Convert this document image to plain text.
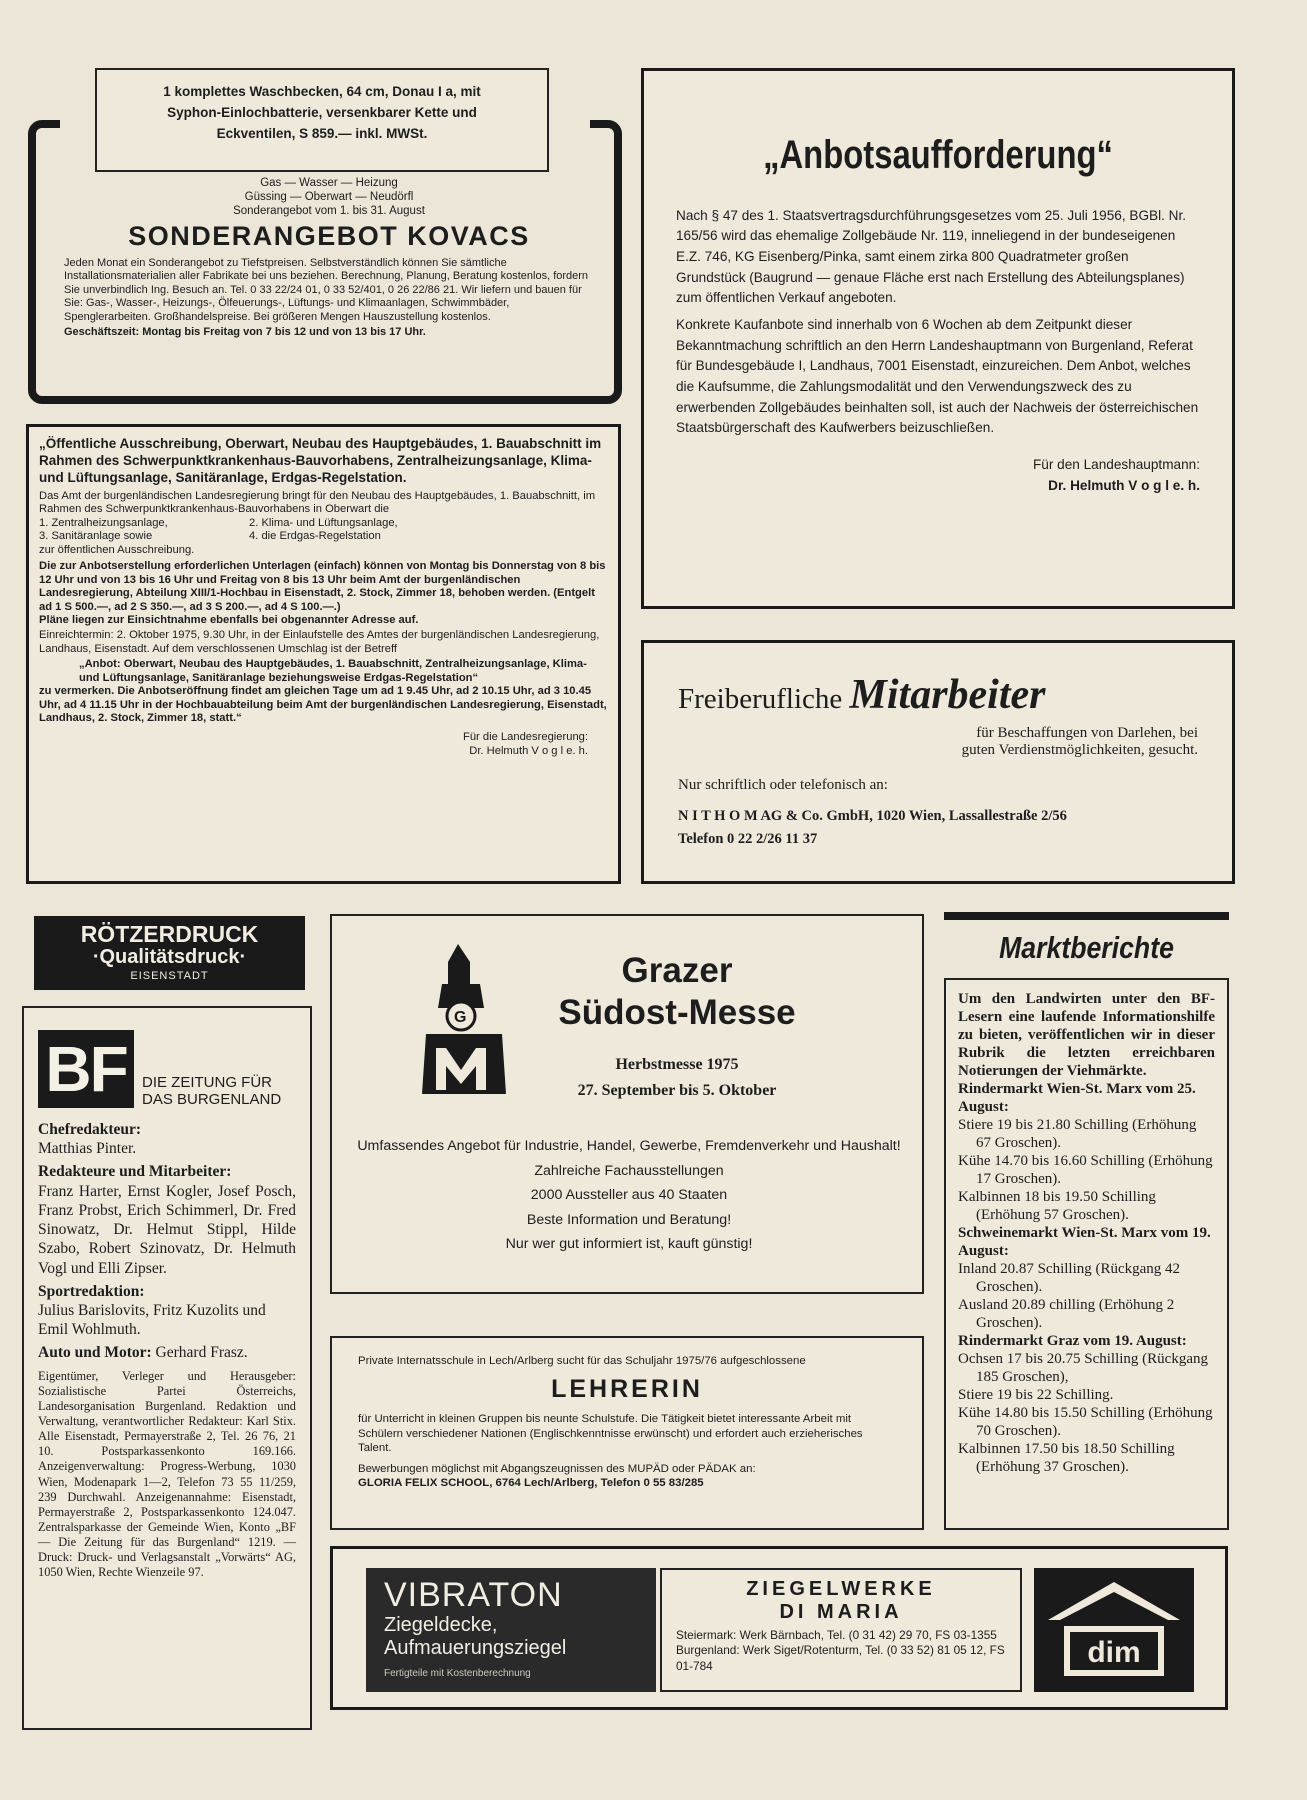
1 komplettes Waschbecken, 64 cm, Donau I a, mit

Syphon-Einlochbatterie, versenkbarer Kette und

Eckventilen, S 859.— inkl. MWSt.

Gas — Wasser — Heizung

Güssing — Oberwart — Neudörfl

Sonderangebot vom 1. bis 31. August

SONDERANGEBOT KOVACS

Jeden Monat ein Sonderangebot zu Tiefstpreisen. Selbstverständlich können Sie sämtliche Installationsmaterialien aller Fabrikate bei uns beziehen. Berechnung, Planung, Beratung kostenlos, fordern Sie unverbindlich Ing. Besuch an. Tel. 0 33 22/24 01, 0 33 52/401, 0 26 22/86 21. Wir liefern und bauen für Sie: Gas-, Wasser-, Heizungs-, Ölfeuerungs-, Lüftungs- und Klimaanlagen, Schwimmbäder, Spenglerarbeiten. Großhandelspreise. Bei größeren Mengen Hauszustellung kostenlos.

Geschäftszeit: Montag bis Freitag von 7 bis 12 und von 13 bis 17 Uhr.

„Öffentliche Ausschreibung, Oberwart, Neubau des Hauptgebäudes, 1. Bauabschnitt im Rahmen des Schwerpunktkrankenhaus-Bauvorhabens, Zentralheizungsanlage, Klima- und Lüftungsanlage, Sanitäranlage, Erdgas-Regelstation.

Das Amt der burgenländischen Landesregierung bringt für den Neubau des Hauptgebäudes, 1. Bauabschnitt, im Rahmen des Schwerpunktkrankenhaus-Bauvorhabens in Oberwart die

1. Zentralheizungsanlage,	2. Klima- und Lüftungsanlage,
3. Sanitäranlage sowie	4. die Erdgas-Regelstation

zur öffentlichen Ausschreibung.

Die zur Anbotserstellung erforderlichen Unterlagen (einfach) können von Montag bis Donnerstag von 8 bis 12 Uhr und von 13 bis 16 Uhr und Freitag von 8 bis 13 Uhr beim Amt der burgenländischen Landesregierung, Abteilung XIII/1-Hochbau in Eisenstadt, 2. Stock, Zimmer 18, behoben werden. (Entgelt ad 1 S 500.—, ad 2 S 350.—, ad 3 S 200.—, ad 4 S 100.—.)

Pläne liegen zur Einsichtnahme ebenfalls bei obgenannter Adresse auf.

Einreichtermin: 2. Oktober 1975, 9.30 Uhr, in der Einlaufstelle des Amtes der burgenländischen Landesregierung, Landhaus, Eisenstadt. Auf dem verschlossenen Umschlag ist der Betreff

„Anbot: Oberwart, Neubau des Hauptgebäudes, 1. Bauabschnitt, Zentralheizungsanlage, Klima- und Lüftungsanlage, Sanitäranlage beziehungsweise Erdgas-Regelstation“

zu vermerken. Die Anbotseröffnung findet am gleichen Tage um ad 1 9.45 Uhr, ad 2 10.15 Uhr, ad 3 10.45 Uhr, ad 4 11.15 Uhr in der Hochbauabteilung beim Amt der burgenländischen Landesregierung, Eisenstadt, Landhaus, 2. Stock, Zimmer 18, statt.“

Für die Landesregierung:

Dr. Helmuth V o g l e. h.

„Anbotsaufforderung“

Nach § 47 des 1. Staatsvertragsdurchführungsgesetzes vom 25. Juli 1956, BGBl. Nr. 165/56 wird das ehemalige Zollgebäude Nr. 119, inneliegend in der bundeseigenen E.Z. 746, KG Eisenberg/Pinka, samt einem zirka 800 Quadratmeter großen Grundstück (Baugrund — genaue Fläche erst nach Erstellung des Abteilungsplanes) zum öffentlichen Verkauf angeboten.

Konkrete Kaufanbote sind innerhalb von 6 Wochen ab dem Zeitpunkt dieser Bekanntmachung schriftlich an den Herrn Landeshauptmann von Burgenland, Referat für Bundesgebäude I, Landhaus, 7001 Eisenstadt, einzureichen. Dem Anbot, welches die Kaufsumme, die Zahlungsmodalität und den Verwendungszweck des zu erwerbenden Zollgebäudes beinhalten soll, ist auch der Nachweis der österreichischen Staatsbürgerschaft des Kaufwerbers beizuschließen.

Für den Landeshauptmann:

Dr. Helmuth V o g l e. h.

Freiberufliche Mitarbeiter

für Beschaffungen von Darlehen, bei

guten Verdienstmöglichkeiten, gesucht.

Nur schriftlich oder telefonisch an:

N I T H O M AG & Co. GmbH, 1020 Wien, Lassallestraße 2/56

Telefon 0 22 2/26 11 37

RÖTZERDRUCK

·Qualitätsdruck·

EISENSTADT

BF	DIE ZEITUNG FÜR

DAS BURGENLAND

Chefredakteur:

Matthias Pinter.

Redakteure und Mitarbeiter:

Franz Harter, Ernst Kogler, Josef Posch, Franz Probst, Erich Schimmerl, Dr. Fred Sinowatz, Dr. Helmut Stippl, Hilde Szabo, Robert Szinovatz, Dr. Helmuth Vogl und Elli Zipser.

Sportredaktion:

Julius Barislovits, Fritz Kuzolits und Emil Wohlmuth.

Auto und Motor: Gerhard Frasz.

Eigentümer, Verleger und Herausgeber: Sozialistische Partei Österreichs, Landesorganisation Burgenland. Redaktion und Verwaltung, verantwortlicher Redakteur: Karl Stix. Alle Eisenstadt, Permayerstraße 2, Tel. 26 76, 21 10. Postsparkassenkonto 169.166. Anzeigenverwaltung: Progress-Werbung, 1030 Wien, Modenapark 1—2, Telefon 73 55 11/259, 239 Durchwahl. Anzeigenannahme: Eisenstadt, Permayerstraße 2, Postsparkassenkonto 124.047. Zentralsparkasse der Gemeinde Wien, Konto „BF — Die Zeitung für das Burgenland“ 1219. — Druck: Druck- und Verlagsanstalt „Vorwärts“ AG, 1050 Wien, Rechte Wienzeile 97.

G

Grazer

Südost-Messe

Herbstmesse 1975

27. September bis 5. Oktober

Umfassendes Angebot für Industrie, Handel, Gewerbe, Fremdenverkehr und Haushalt!

Zahlreiche Fachausstellungen

2000 Aussteller aus 40 Staaten

Beste Information und Beratung!

Nur wer gut informiert ist, kauft günstig!

Private Internatsschule in Lech/Arlberg sucht für das Schuljahr 1975/76 aufgeschlossene

LEHRERIN

für Unterricht in kleinen Gruppen bis neunte Schulstufe. Die Tätigkeit bietet interessante Arbeit mit Schülern verschiedener Nationen (Englischkenntnisse erwünscht) und erfordert auch erzieherisches Talent.

Bewerbungen möglichst mit Abgangszeugnissen des MUPÄD oder PÄDAK an:

GLORIA FELIX SCHOOL, 6764 Lech/Arlberg, Telefon 0 55 83/285

Marktberichte

Um den Landwirten unter den BF-Lesern eine laufende Informationshilfe zu bieten, veröffentlichen wir in dieser Rubrik die letzten erreichbaren Notierungen der Viehmärkte.

Rindermarkt Wien-St. Marx vom 25. August:

Stiere 19 bis 21.80 Schilling (Erhöhung 67 Groschen).

Kühe 14.70 bis 16.60 Schilling (Erhöhung 17 Groschen).

Kalbinnen 18 bis 19.50 Schilling (Erhöhung 57 Groschen).

Schweinemarkt Wien-St. Marx vom 19. August:

Inland 20.87 Schilling (Rückgang 42 Groschen).

Ausland 20.89 chilling (Erhöhung 2 Groschen).

Rindermarkt Graz vom 19. August:

Ochsen 17 bis 20.75 Schilling (Rückgang 185 Groschen),

Stiere 19 bis 22 Schilling.

Kühe 14.80 bis 15.50 Schilling (Erhöhung 70 Groschen).

Kalbinnen 17.50 bis 18.50 Schilling (Erhöhung 37 Groschen).

VIBRATON

Ziegeldecke,

Aufmauerungsziegel

Fertigteile mit Kostenberechnung

ZIEGELWERKE

DI MARIA

Steiermark: Werk Bärnbach, Tel. (0 31 42) 29 70, FS 03-1355

Burgenland: Werk Siget/Rotenturm, Tel. (0 33 52) 81 05 12, FS 01-784	dim
